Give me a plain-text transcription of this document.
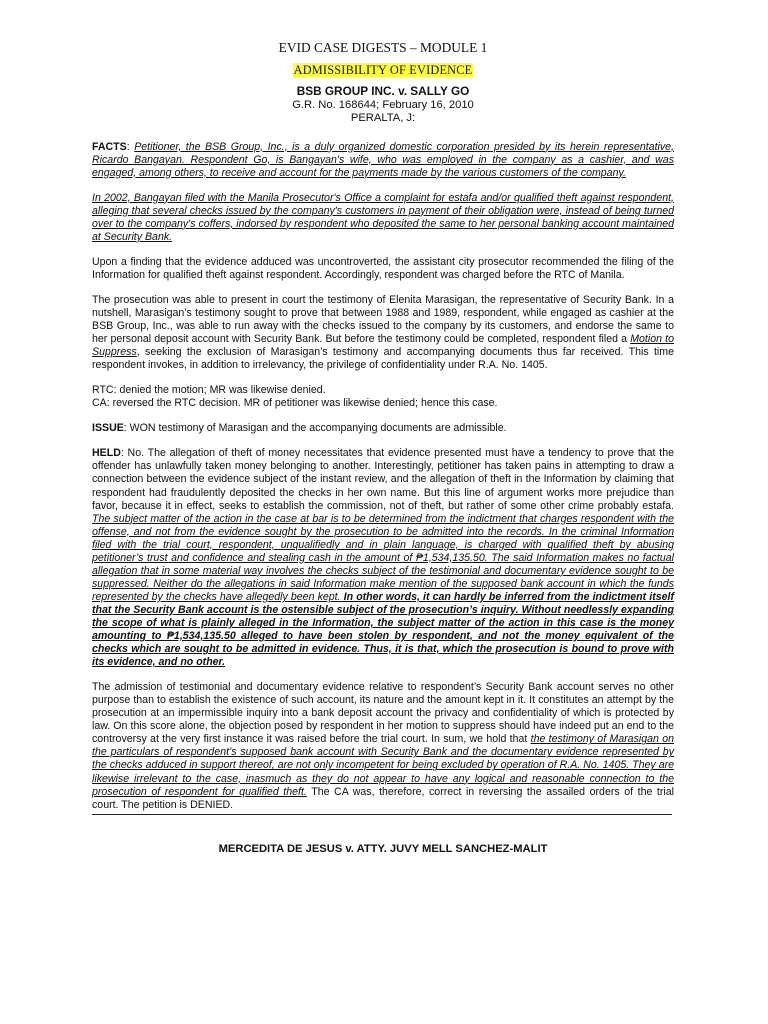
EVID CASE DIGESTS – MODULE 1
ADMISSIBILITY OF EVIDENCE
BSB GROUP INC. v. SALLY GO
G.R. No. 168644; February 16, 2010
PERALTA, J:
FACTS: Petitioner, the BSB Group, Inc., is a duly organized domestic corporation presided by its herein representative, Ricardo Bangayan. Respondent Go, is Bangayan's wife, who was employed in the company as a cashier, and was engaged, among others, to receive and account for the payments made by the various customers of the company.
In 2002, Bangayan filed with the Manila Prosecutor's Office a complaint for estafa and/or qualified theft against respondent, alleging that several checks issued by the company's customers in payment of their obligation were, instead of being turned over to the company's coffers, indorsed by respondent who deposited the same to her personal banking account maintained at Security Bank.
Upon a finding that the evidence adduced was uncontroverted, the assistant city prosecutor recommended the filing of the Information for qualified theft against respondent. Accordingly, respondent was charged before the RTC of Manila.
The prosecution was able to present in court the testimony of Elenita Marasigan, the representative of Security Bank. In a nutshell, Marasigan’s testimony sought to prove that between 1988 and 1989, respondent, while engaged as cashier at the BSB Group, Inc., was able to run away with the checks issued to the company by its customers, and endorse the same to her personal deposit account with Security Bank. But before the testimony could be completed, respondent filed a Motion to Suppress, seeking the exclusion of Marasigan’s testimony and accompanying documents thus far received. This time respondent invokes, in addition to irrelevancy, the privilege of confidentiality under R.A. No. 1405.
RTC: denied the motion; MR was likewise denied.
CA: reversed the RTC decision. MR of petitioner was likewise denied; hence this case.
ISSUE: WON testimony of Marasigan and the accompanying documents are admissible.
HELD: No. The allegation of theft of money necessitates that evidence presented must have a tendency to prove that the offender has unlawfully taken money belonging to another. Interestingly, petitioner has taken pains in attempting to draw a connection between the evidence subject of the instant review, and the allegation of theft in the Information by claiming that respondent had fraudulently deposited the checks in her own name. But this line of argument works more prejudice than favor, because it in effect, seeks to establish the commission, not of theft, but rather of some other crime probably estafa. The subject matter of the action in the case at bar is to be determined from the indictment that charges respondent with the offense, and not from the evidence sought by the prosecution to be admitted into the records. In the criminal Information filed with the trial court, respondent, unqualifiedly and in plain language, is charged with qualified theft by abusing petitioner’s trust and confidence and stealing cash in the amount of ₱1,534,135.50. The said Information makes no factual allegation that in some material way involves the checks subject of the testimonial and documentary evidence sought to be suppressed. Neither do the allegations in said Information make mention of the supposed bank account in which the funds represented by the checks have allegedly been kept. In other words, it can hardly be inferred from the indictment itself that the Security Bank account is the ostensible subject of the prosecution’s inquiry. Without needlessly expanding the scope of what is plainly alleged in the Information, the subject matter of the action in this case is the money amounting to ₱1,534,135.50 alleged to have been stolen by respondent, and not the money equivalent of the checks which are sought to be admitted in evidence. Thus, it is that, which the prosecution is bound to prove with its evidence, and no other.
The admission of testimonial and documentary evidence relative to respondent’s Security Bank account serves no other purpose than to establish the existence of such account, its nature and the amount kept in it. It constitutes an attempt by the prosecution at an impermissible inquiry into a bank deposit account the privacy and confidentiality of which is protected by law. On this score alone, the objection posed by respondent in her motion to suppress should have indeed put an end to the controversy at the very first instance it was raised before the trial court. In sum, we hold that the testimony of Marasigan on the particulars of respondent’s supposed bank account with Security Bank and the documentary evidence represented by the checks adduced in support thereof, are not only incompetent for being excluded by operation of R.A. No. 1405. They are likewise irrelevant to the case, inasmuch as they do not appear to have any logical and reasonable connection to the prosecution of respondent for qualified theft. The CA was, therefore, correct in reversing the assailed orders of the trial court. The petition is DENIED.
MERCEDITA DE JESUS v. ATTY. JUVY MELL SANCHEZ-MALIT
